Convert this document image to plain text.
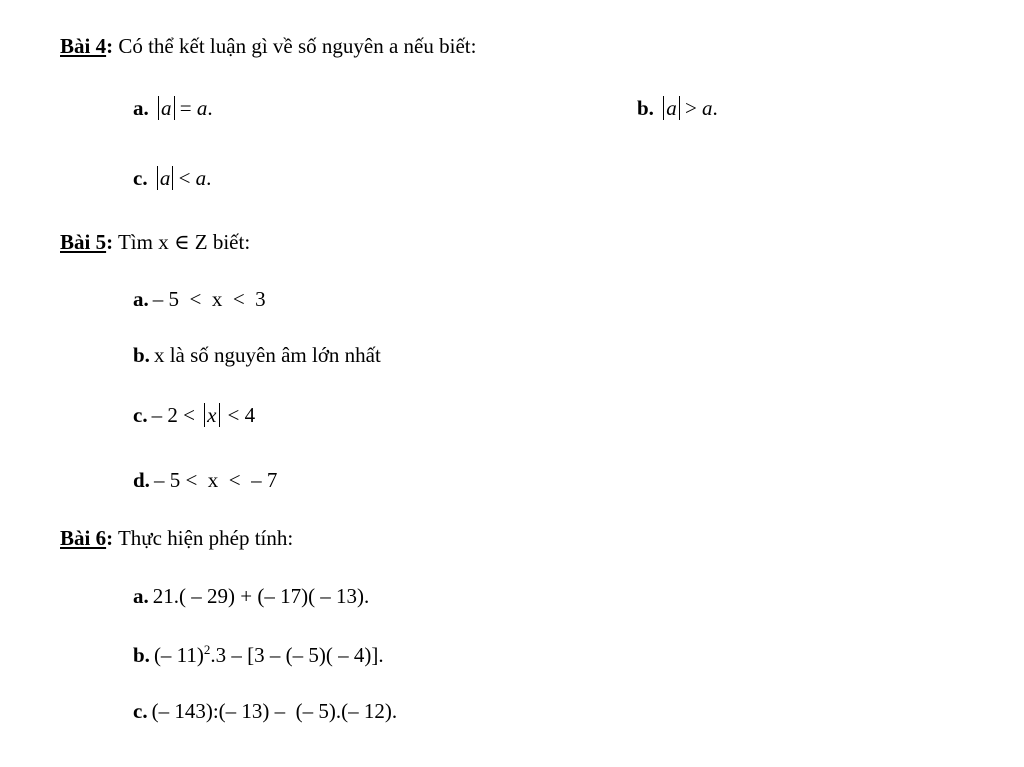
Bài 4: Có thể kết luận gì về số nguyên a nếu biết:
a. a = a.	b. a > a.
c. a < a.
Bài 5: Tìm x ∈ Z biết:
a. – 5  <  x  <  3
b. x là số nguyên âm lớn nhất
c. – 2 < x < 4
d. – 5 <  x  <  – 7
Bài 6: Thực hiện phép tính:
a. 21.( – 29) + (– 17)( – 13).
b. (– 11)$^2$.3 – [3 – (– 5)( – 4)].
c. (– 143):(– 13) –  (– 5).(– 12).
